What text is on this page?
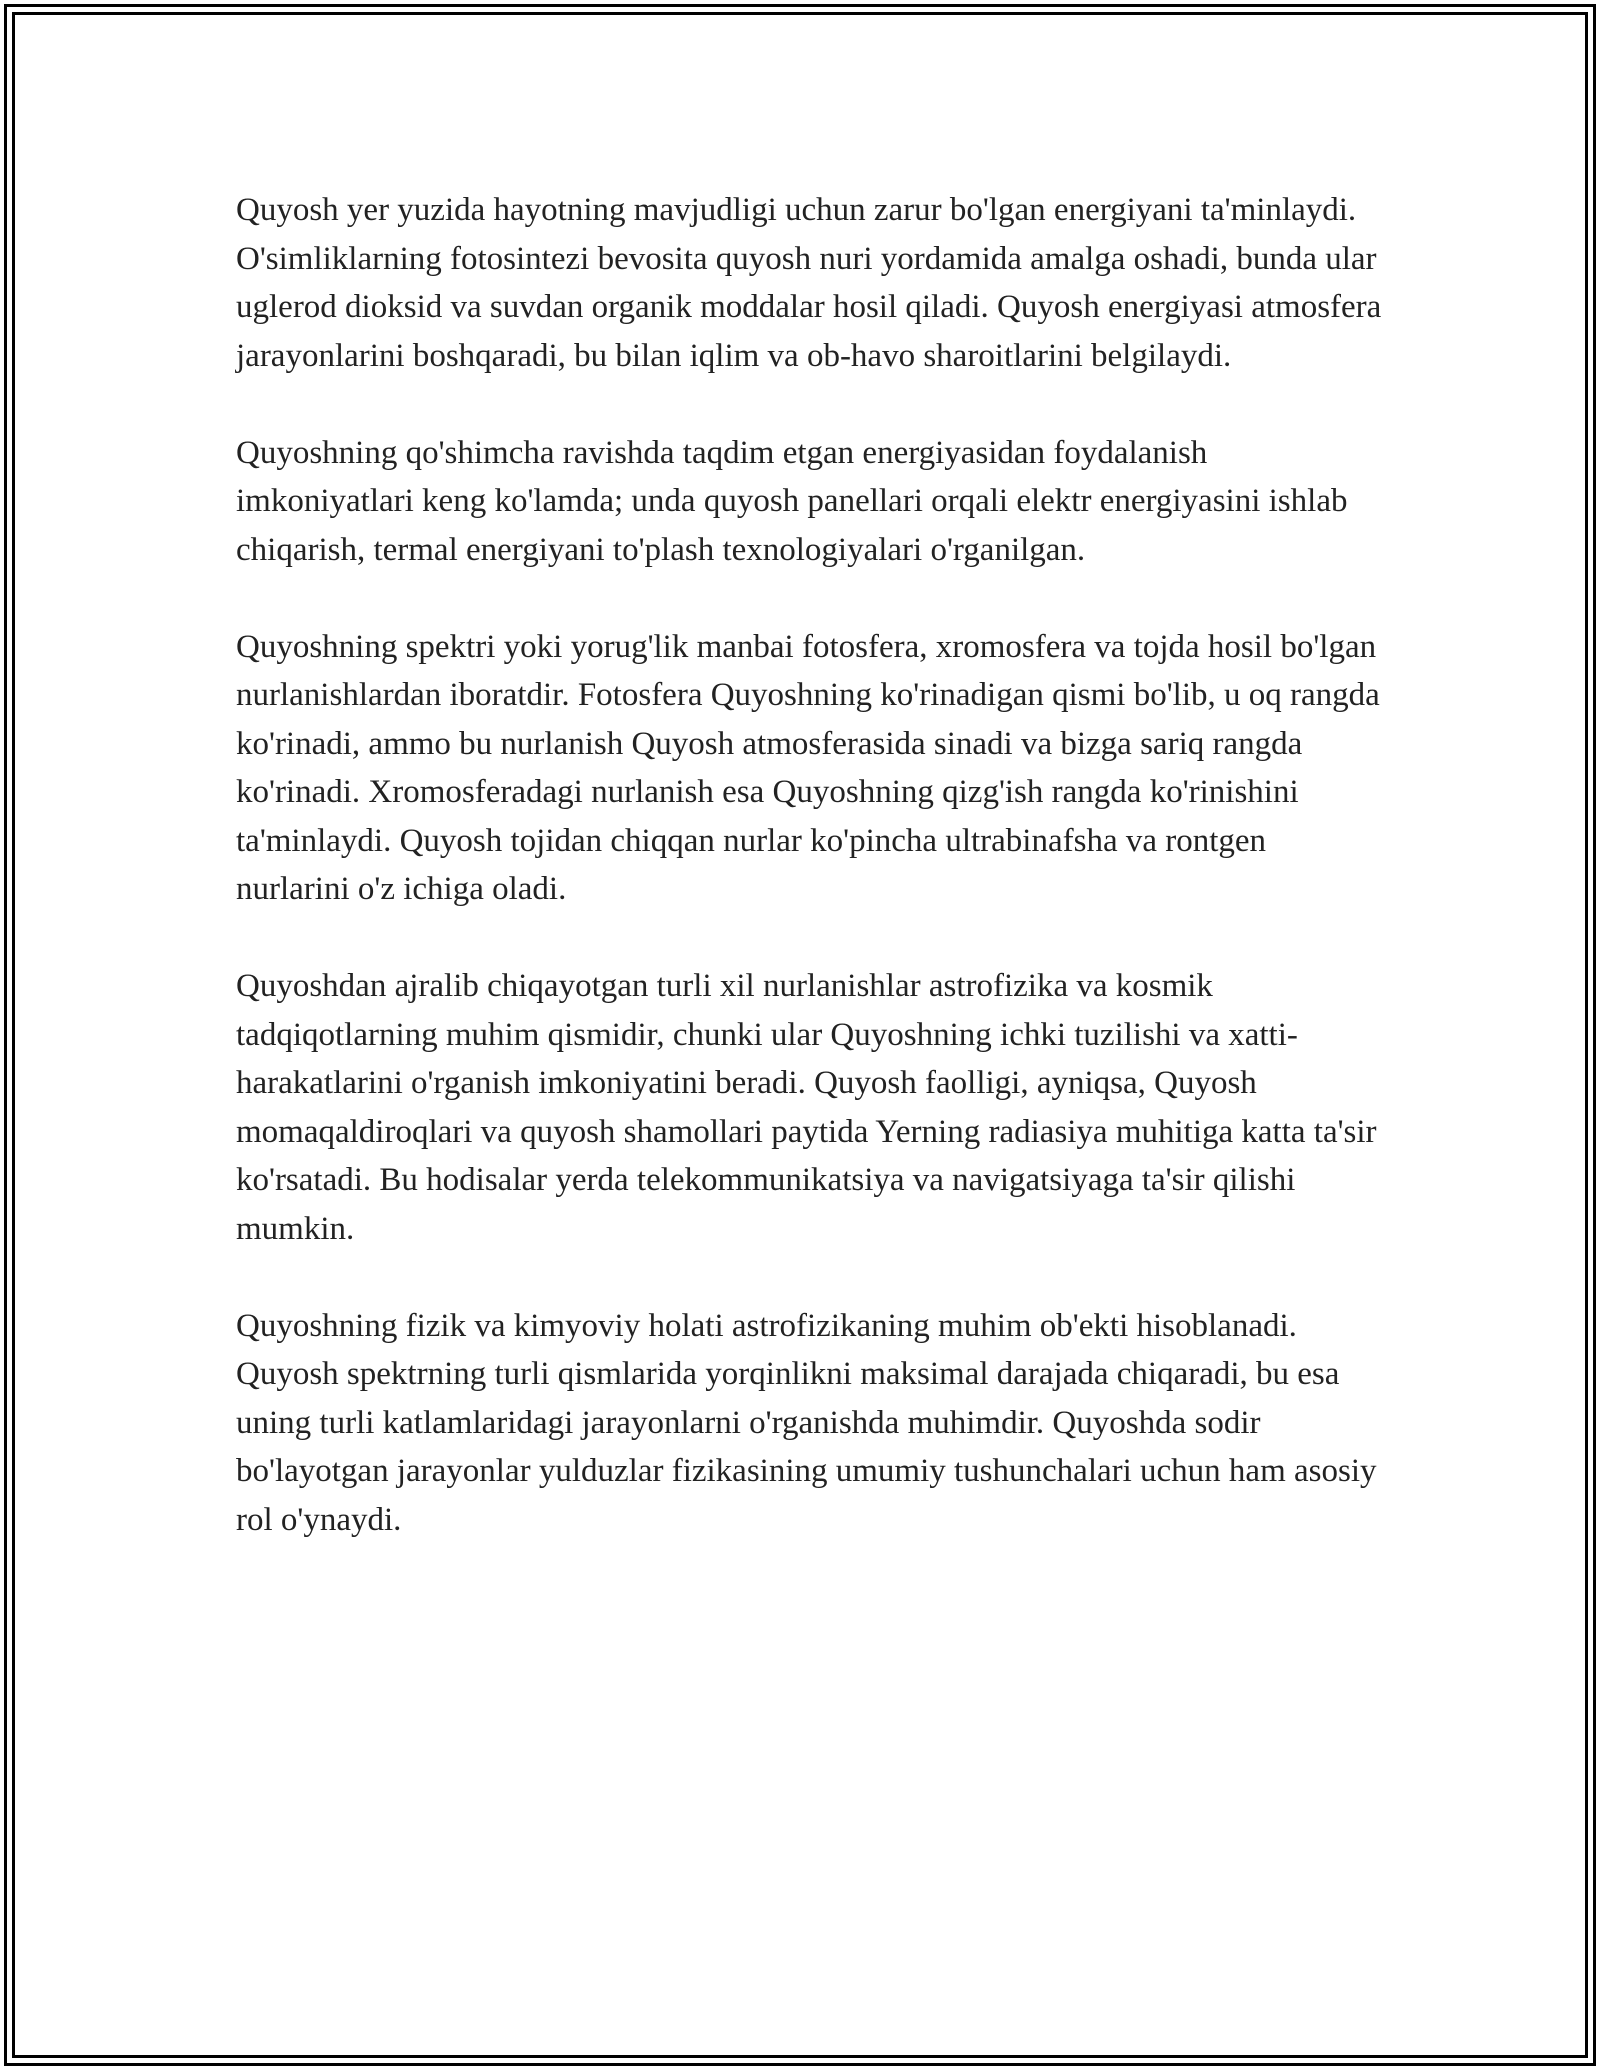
Quyosh yer yuzida hayotning mavjudligi uchun zarur bo'lgan energiyani ta'minlaydi. O'simliklarning fotosintezi bevosita quyosh nuri yordamida amalga oshadi, bunda ular uglerod dioksid va suvdan organik moddalar hosil qiladi. Quyosh energiyasi atmosfera jarayonlarini boshqaradi, bu bilan iqlim va ob-havo sharoitlarini belgilaydi.

Quyoshning qo'shimcha ravishda taqdim etgan energiyasidan foydalanish imkoniyatlari keng ko'lamda; unda quyosh panellari orqali elektr energiyasini ishlab chiqarish, termal energiyani to'plash texnologiyalari o'rganilgan.

Quyoshning spektri yoki yorug'lik manbai fotosfera, xromosfera va tojda hosil bo'lgan nurlanishlardan iboratdir. Fotosfera Quyoshning ko'rinadigan qismi bo'lib, u oq rangda ko'rinadi, ammo bu nurlanish Quyosh atmosferasida sinadi va bizga sariq rangda ko'rinadi. Xromosferadagi nurlanish esa Quyoshning qizg'ish rangda ko'rinishini ta'minlaydi. Quyosh tojidan chiqqan nurlar ko'pincha ultrabinafsha va rontgen nurlarini o'z ichiga oladi.

Quyoshdan ajralib chiqayotgan turli xil nurlanishlar astrofizika va kosmik tadqiqotlarning muhim qismidir, chunki ular Quyoshning ichki tuzilishi va xatti-harakatlarini o'rganish imkoniyatini beradi. Quyosh faolligi, ayniqsa, Quyosh momaqaldiroqlari va quyosh shamollari paytida Yerning radiasiya muhitiga katta ta'sir ko'rsatadi. Bu hodisalar yerda telekommunikatsiya va navigatsiyaga ta'sir qilishi mumkin.

Quyoshning fizik va kimyoviy holati astrofizikaning muhim ob'ekti hisoblanadi. Quyosh spektrning turli qismlarida yorqinlikni maksimal darajada chiqaradi, bu esa uning turli katlamlaridagi jarayonlarni o'rganishda muhimdir. Quyoshda sodir bo'layotgan jarayonlar yulduzlar fizikasining umumiy tushunchalari uchun ham asosiy rol o'ynaydi.
